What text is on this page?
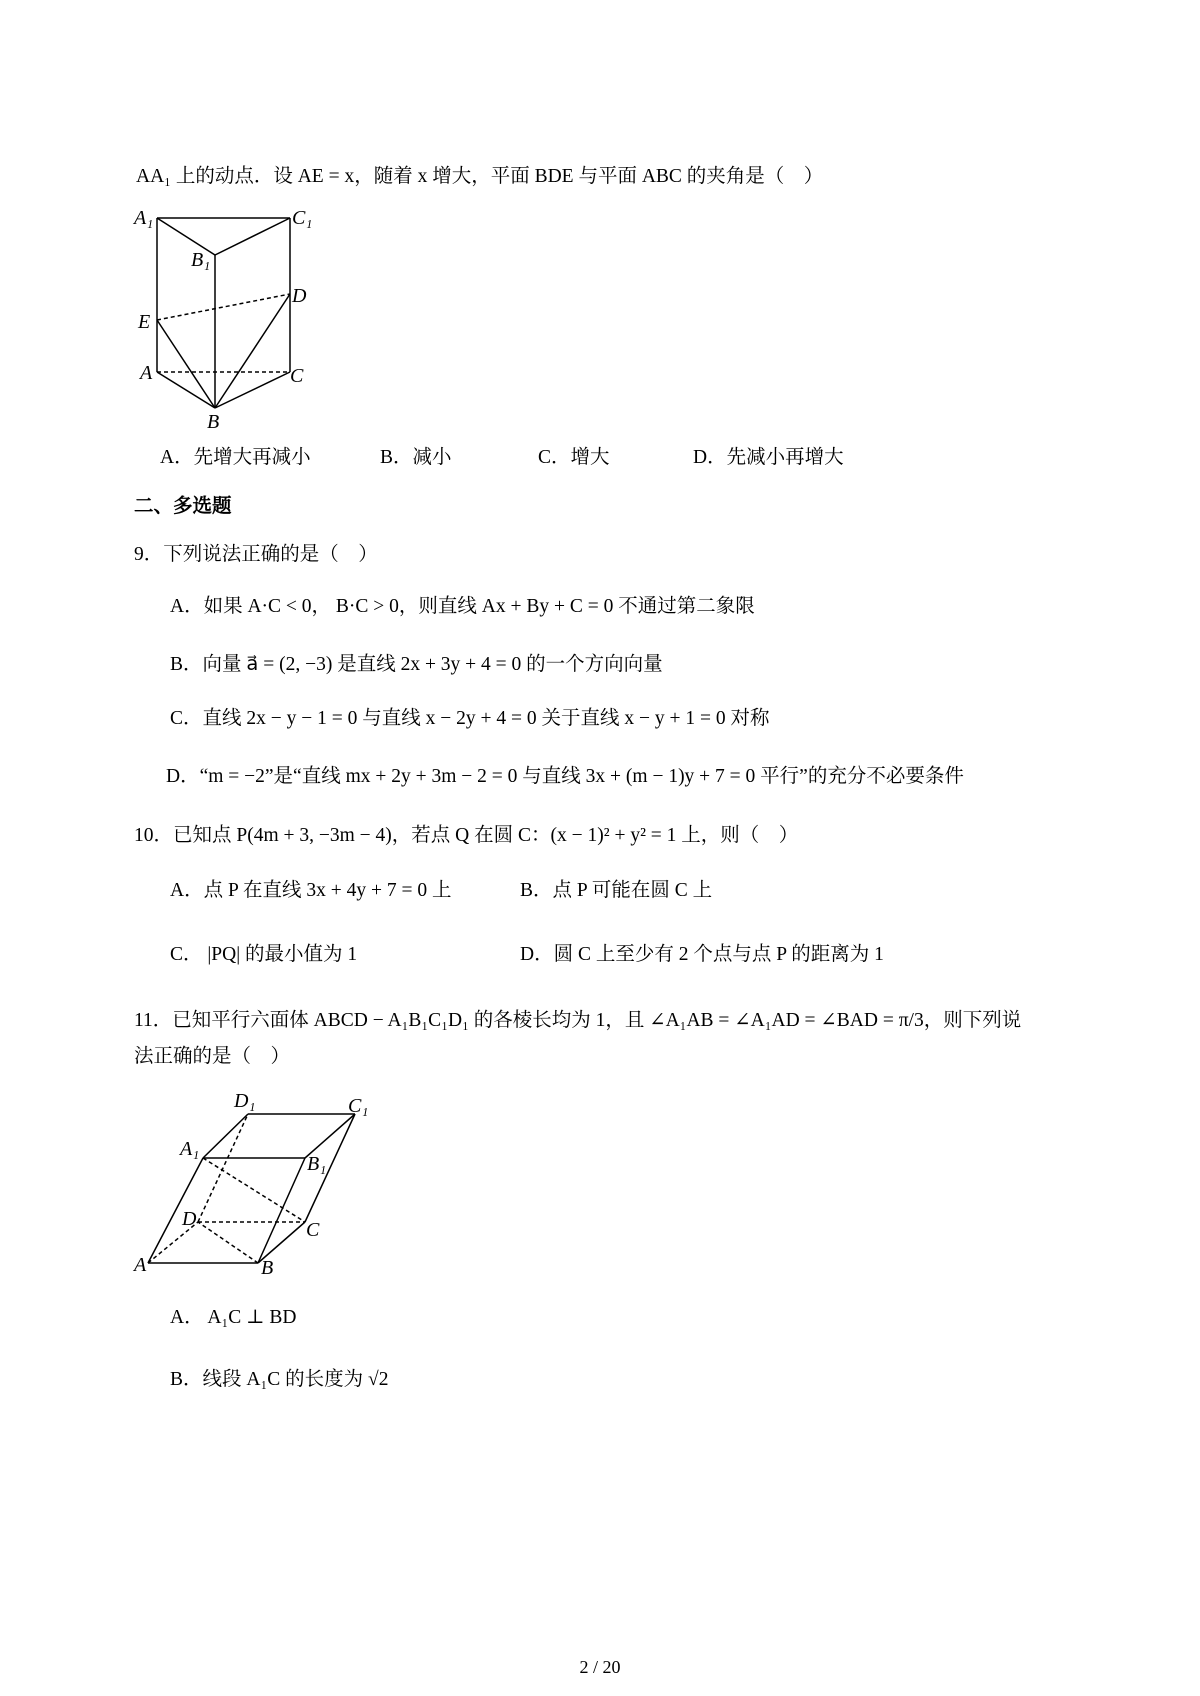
AA₁ 上的动点．设 AE = x，随着 x 增大，平面 BDE 与平面 ABC 的夹角是（　）
A₁	C₁
B₁
D
E
A	C
B
D₁	C₁
A₁
B₁
D	C
A	B
A．先增大再减小	B．减小	C．增大	D．先减小再增大
二、多选题
9．下列说法正确的是（　）
A．如果 A·C < 0， B·C > 0，则直线 Ax + By + C = 0 不通过第二象限
B．向量 a⃗ = (2, −3) 是直线 2x + 3y + 4 = 0 的一个方向向量
C．直线 2x − y − 1 = 0 与直线 x − 2y + 4 = 0 关于直线 x − y + 1 = 0 对称
D．“m = −2”是“直线 mx + 2y + 3m − 2 = 0 与直线 3x + (m − 1)y + 7 = 0 平行”的充分不必要条件
10．已知点 P(4m + 3, −3m − 4)，若点 Q 在圆 C：(x − 1)² + y² = 1 上，则（　）
A．点 P 在直线 3x + 4y + 7 = 0 上	B．点 P 可能在圆 C 上
C． |PQ| 的最小值为 1	D．圆 C 上至少有 2 个点与点 P 的距离为 1
11．已知平行六面体 ABCD − A₁B₁C₁D₁ 的各棱长均为 1，且 ∠A₁AB = ∠A₁AD = ∠BAD = π/3，则下列说
法正确的是（　）
A． A₁C ⊥ BD
B．线段 A₁C 的长度为 √2
2 / 20
